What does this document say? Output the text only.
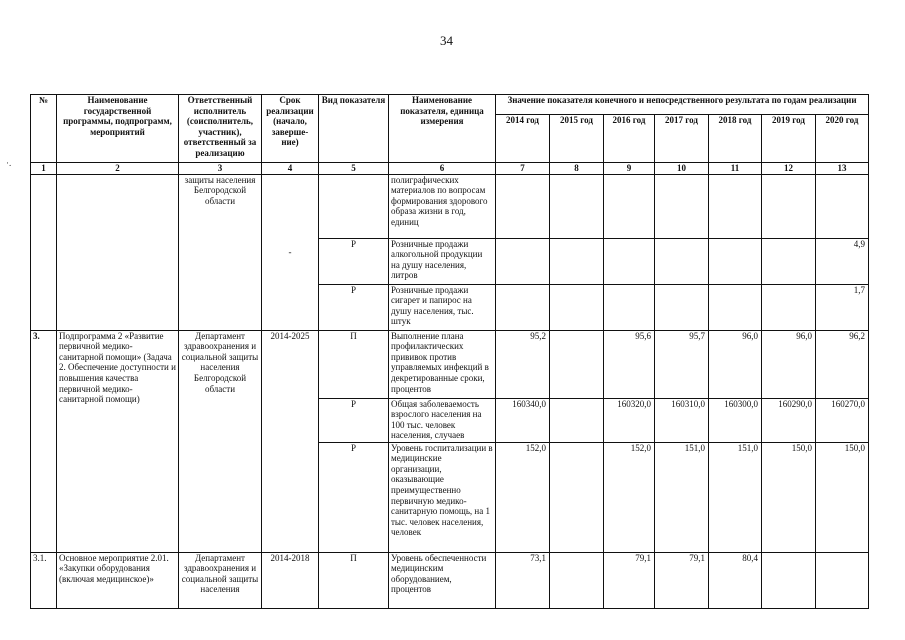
34
·.
№	Наименование государственной программы, подпрограмм, мероприятий	Ответственный исполнитель (соисполнитель, участник), ответственный за реализацию	Срок реализации (начало, заверше-ние)	Вид показателя	Наименование показателя, единица измерения	Значение показателя конечного и непосредственного результата по годам реализации						
						2014 год	2015 год	2016 год	2017 год	2018 год	2019 год	2020 год
1	2	3	4	5	6	7	8	9	10	11	12	13
		защиты населения Белгородской области	-		полиграфических материалов по вопросам формирования здорового образа жизни в год, единиц							
				Р	Розничные продажи алкогольной продукции на душу населения, литров							4,9
				Р	Розничные продажи сигарет и папирос на душу населения, тыс. штук							1,7
3.	Подпрограмма 2 «Развитие первичной медико-санитарной помощи» (Задача 2. Обеспечение доступности и повышения качества первичной медико-санитарной помощи)	Департамент здравоохранения и социальной защиты населения Белгородской области	2014-2025	П	Выполнение плана профилактических прививок против управляемых инфекций в декретированные сроки, процентов	95,2		95,6	95,7	96,0	96,0	96,2
				Р	Общая заболеваемость взрослого населения на 100 тыс. человек населения, случаев	160340,0		160320,0	160310,0	160300,0	160290,0	160270,0
				Р	Уровень госпитализации в медицинские организации, оказывающие преимущественно первичную медико-санитарную помощь, на 1 тыс. человек населения, человек	152,0		152,0	151,0	151,0	150,0	150,0
3.1.	Основное мероприятие 2.01. «Закупки оборудования (включая медицинское)»	Департамент здравоохранения и социальной защиты населения	2014-2018	П	Уровень обеспеченности медицинским оборудованием, процентов	73,1		79,1	79,1	80,4		
